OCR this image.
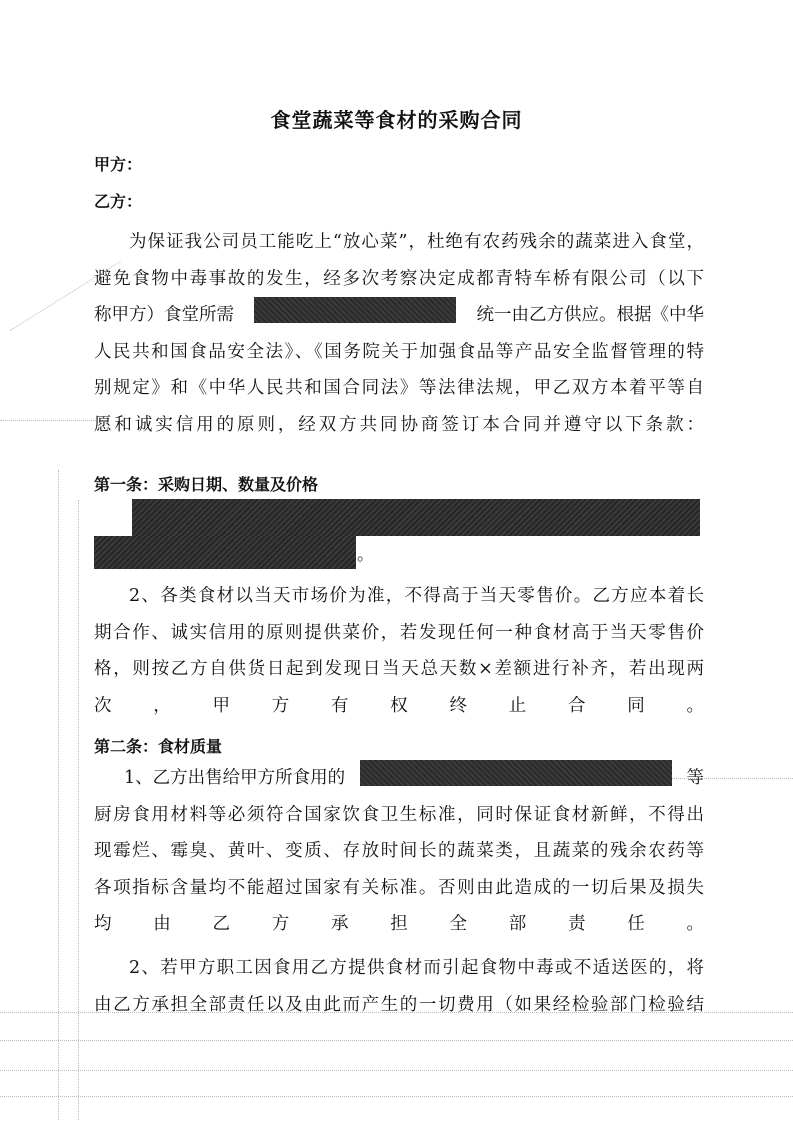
食堂蔬菜等食材的采购合同
甲方：
乙方：
为保证我公司员工能吃上“放心菜”，杜绝有农药残余的蔬菜进入食堂，
避免食物中毒事故的发生，经多次考察决定成都青特车桥有限公司（以下
称甲方）食堂所需	统一由乙方供应。根据《中华
人民共和国食品安全法》、《国务院关于加强食品等产品安全监督管理的特
别规定》和《中华人民共和国合同法》等法律法规，甲乙双方本着平等自
愿和诚实信用的原则，经双方共同协商签订本合同并遵守以下条款：
第一条：采购日期、数量及价格
。
2、各类食材以当天市场价为准，不得高于当天零售价。乙方应本着长
期合作、诚实信用的原则提供菜价，若发现任何一种食材高于当天零售价
格，则按乙方自供货日起到发现日当天总天数×差额进行补齐，若出现两
次，甲方有权终止合同。
第二条：食材质量
1、乙方出售给甲方所食用的	等
厨房食用材料等必须符合国家饮食卫生标准，同时保证食材新鲜，不得出
现霉烂、霉臭、黄叶、变质、存放时间长的蔬菜类，且蔬菜的残余农药等
各项指标含量均不能超过国家有关标准。否则由此造成的一切后果及损失
均由乙方承担全部责任。
2、若甲方职工因食用乙方提供食材而引起食物中毒或不适送医的，将
由乙方承担全部责任以及由此而产生的一切费用（如果经检验部门检验结
